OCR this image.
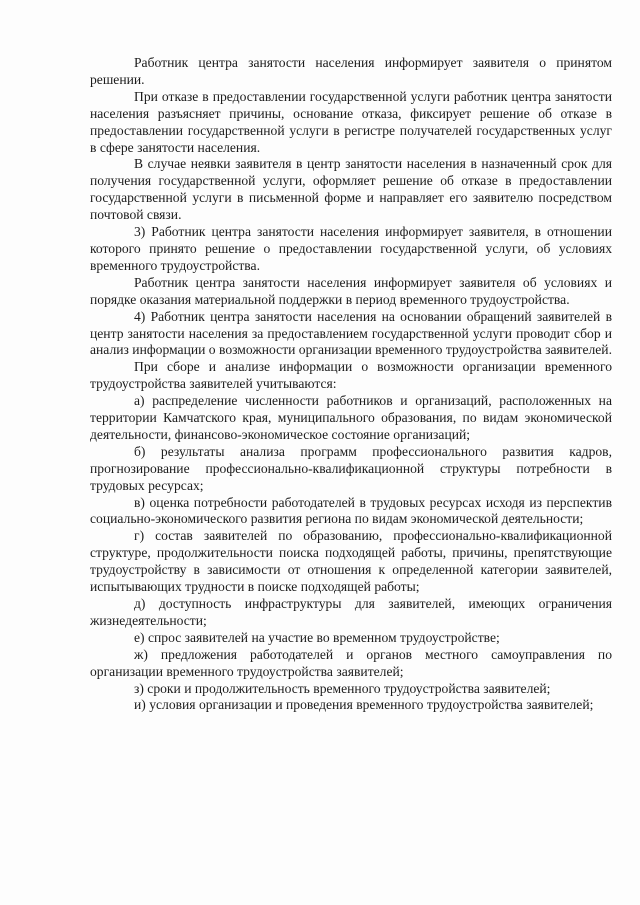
Работник центра занятости населения информирует заявителя о принятом решении.

При отказе в предоставлении государственной услуги работник центра занятости населения разъясняет причины, основание отказа, фиксирует решение об отказе в предоставлении государственной услуги в регистре получателей государственных услуг в сфере занятости населения.

В случае неявки заявителя в центр занятости населения в назначенный срок для получения государственной услуги, оформляет решение об отказе в предоставлении государственной услуги в письменной форме и направляет его заявителю посредством почтовой связи.

3) Работник центра занятости населения информирует заявителя, в отношении которого принято решение о предоставлении государственной услуги, об условиях временного трудоустройства.

Работник центра занятости населения информирует заявителя об условиях и порядке оказания материальной поддержки в период временного трудоустройства.

4) Работник центра занятости населения на основании обращений заявителей в центр занятости населения за предоставлением государственной услуги проводит сбор и анализ информации о возможности организации временного трудоустройства заявителей.

При сборе и анализе информации о возможности организации временного трудоустройства заявителей учитываются:

а) распределение численности работников и организаций, расположенных на территории Камчатского края, муниципального образования, по видам экономической деятельности, финансово-экономическое состояние организаций;

б) результаты анализа программ профессионального развития кадров, прогнозирование профессионально-квалификационной структуры потребности в трудовых ресурсах;

в) оценка потребности работодателей в трудовых ресурсах исходя из перспектив социально-экономического развития региона по видам экономической деятельности;

г) состав заявителей по образованию, профессионально-квалификационной структуре, продолжительности поиска подходящей работы, причины, препятствующие трудоустройству в зависимости от отношения к определенной категории заявителей, испытывающих трудности в поиске подходящей работы;

д) доступность инфраструктуры для заявителей, имеющих ограничения жизнедеятельности;

е) спрос заявителей на участие во временном трудоустройстве;

ж) предложения работодателей и органов местного самоуправления по организации временного трудоустройства заявителей;

з) сроки и продолжительность временного трудоустройства заявителей;

и) условия организации и проведения временного трудоустройства заявителей;
